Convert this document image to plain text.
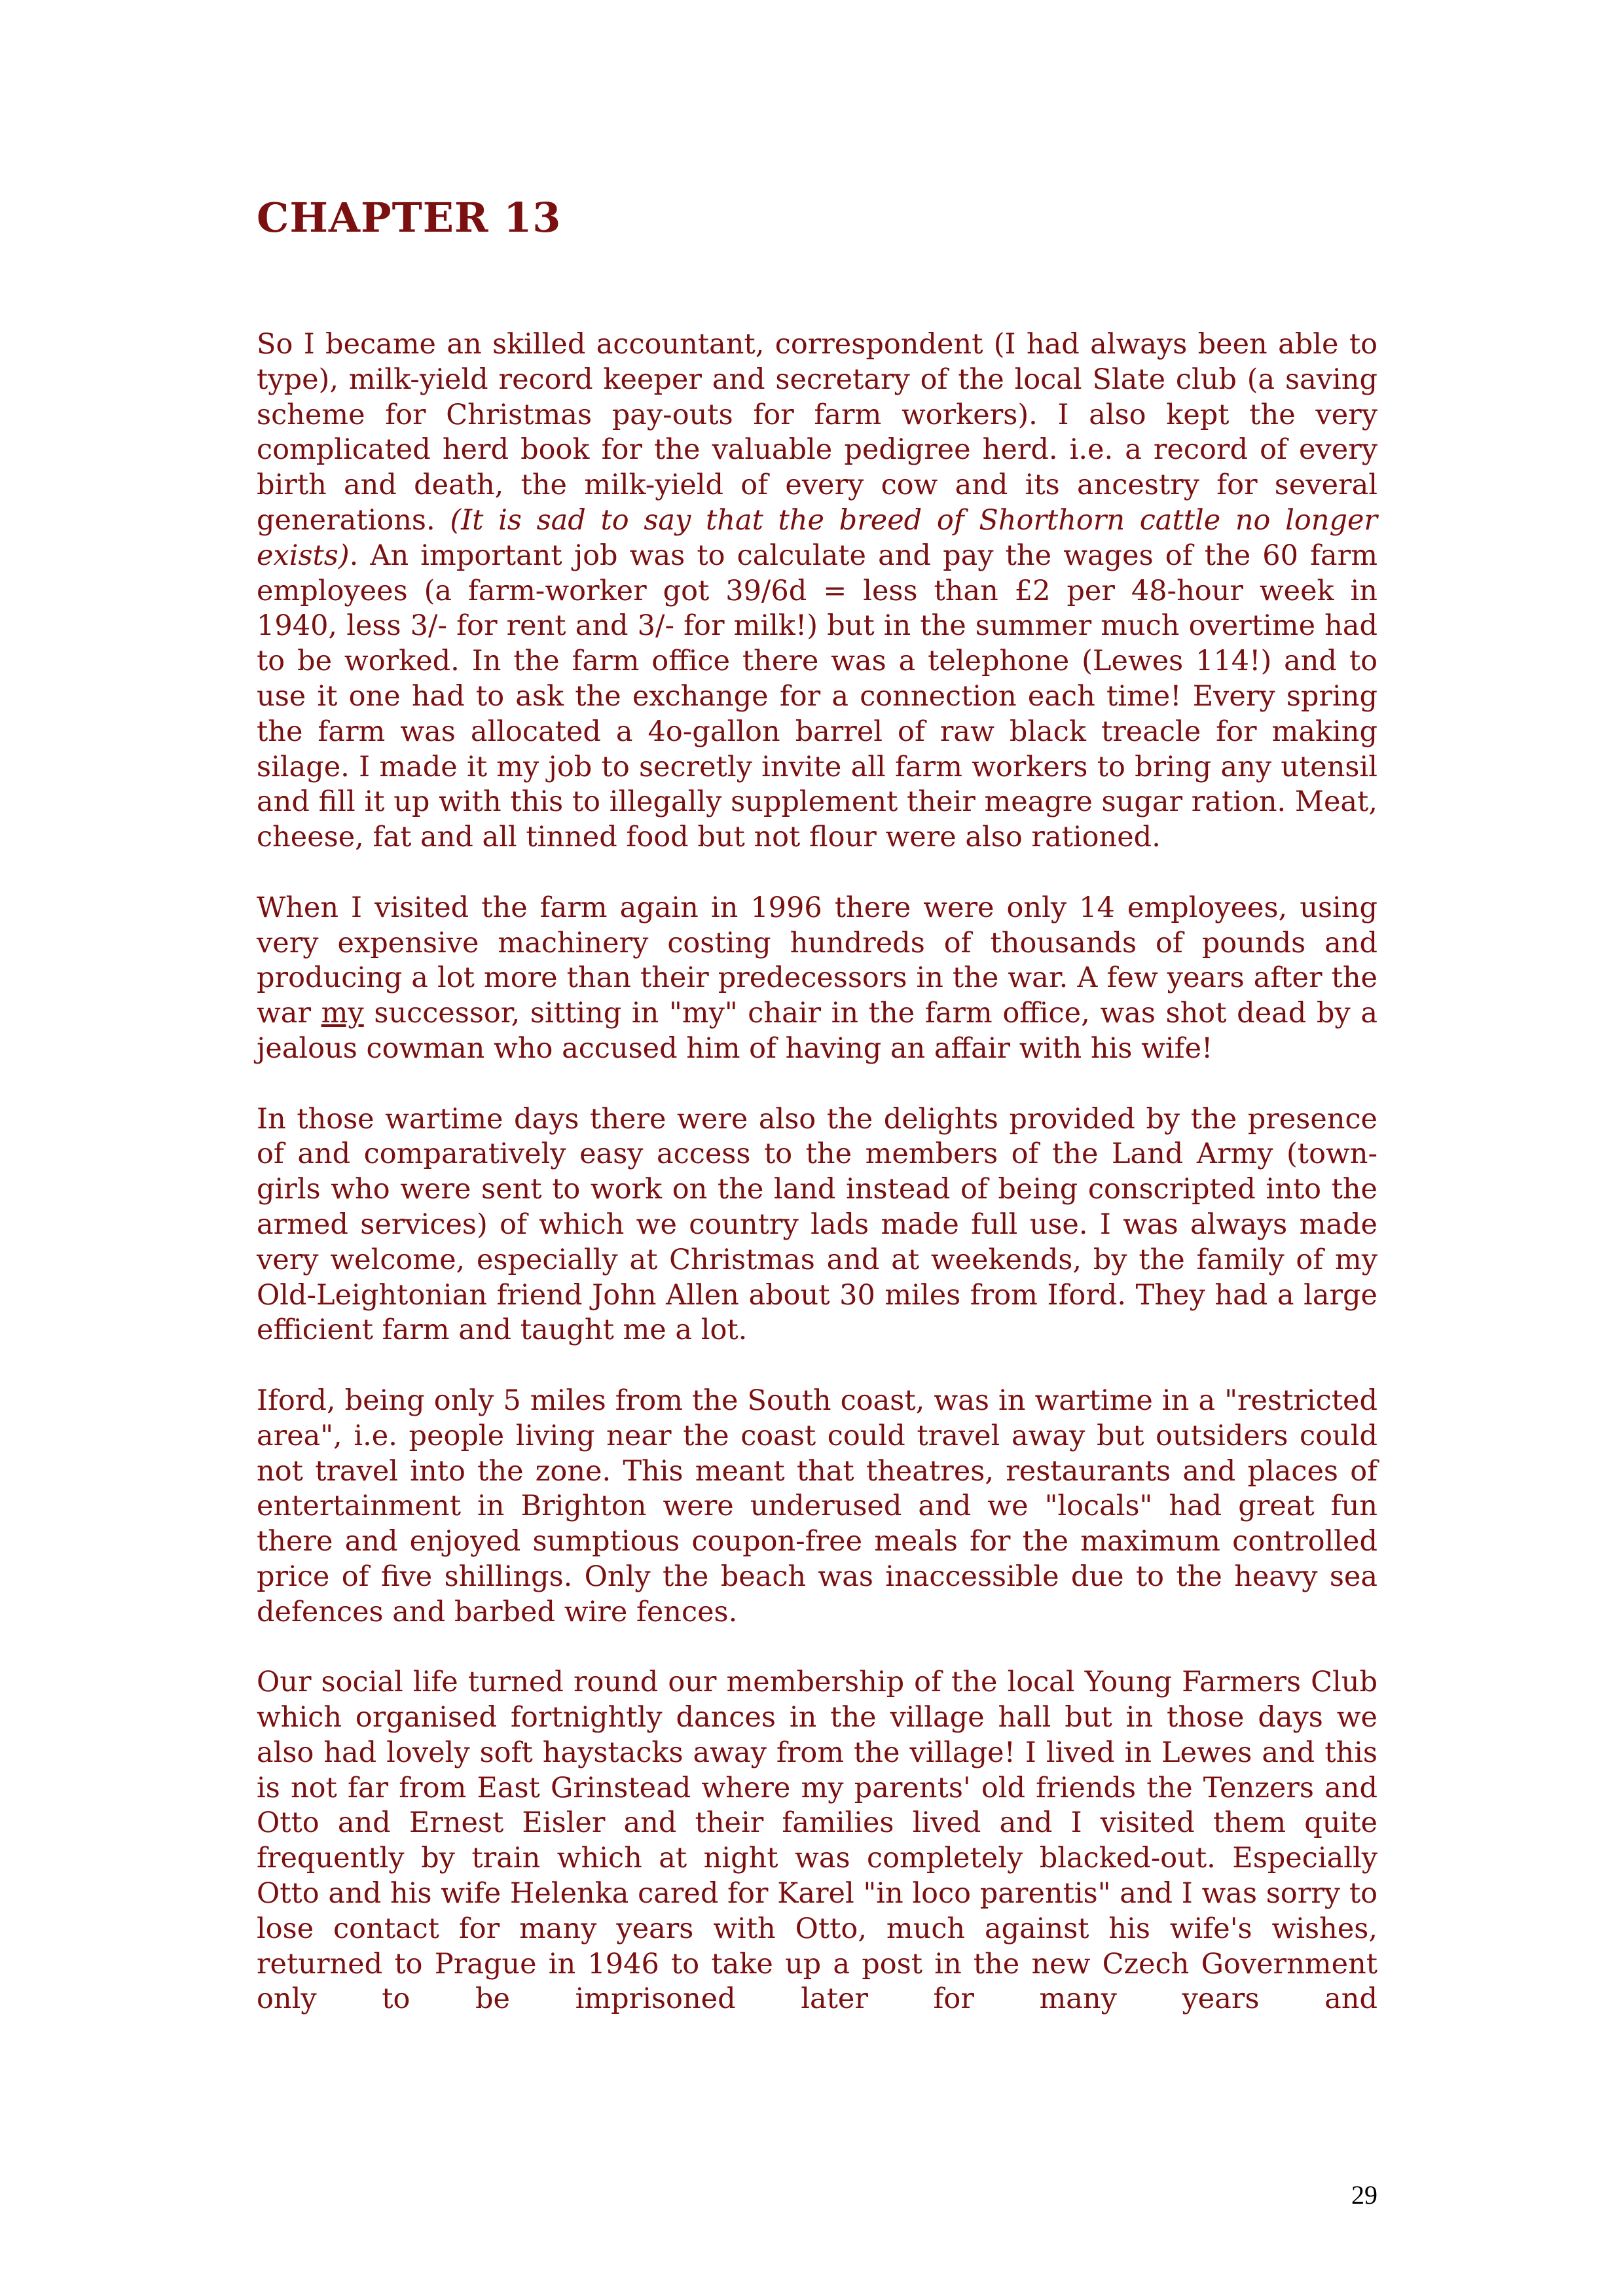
CHAPTER 13

So I became an skilled accountant, correspondent (I had always been able to type), milk-yield record keeper and secretary of the local Slate club (a saving scheme for Christmas pay-outs for farm workers). I also kept the very complicated herd book for the valuable pedigree herd. i.e. a record of every birth and death, the milk-yield of every cow and its ancestry for several generations. (It is sad to say that the breed of Shorthorn cattle no longer exists). An important job was to calculate and pay the wages of the 60 farm employees (a farm-worker got 39/6d = less than £2 per 48-hour week in 1940, less 3/- for rent and 3/- for milk!) but in the summer much overtime had to be worked. In the farm office there was a telephone (Lewes 114!) and to use it one had to ask the exchange for a connection each time! Every spring the farm was allocated a 4o-gallon barrel of raw black treacle for making silage. I made it my job to secretly invite all farm workers to bring any utensil and fill it up with this to illegally supplement their meagre sugar ration. Meat, cheese, fat and all tinned food but not flour were also rationed.

When I visited the farm again in 1996 there were only 14 employees, using very expensive machinery costing hundreds of thousands of pounds and producing a lot more than their predecessors in the war. A few years after the war my successor, sitting in "my" chair in the farm office, was shot dead by a jealous cowman who accused him of having an affair with his wife!

In those wartime days there were also the delights provided by the presence of and comparatively easy access to the members of the Land Army (town-girls who were sent to work on the land instead of being conscripted into the armed services) of which we country lads made full use. I was always made very welcome, especially at Christmas and at weekends, by the family of my Old-Leightonian friend John Allen about 30 miles from Iford. They had a large efficient farm and taught me a lot.

Iford, being only 5 miles from the South coast, was in wartime in a "restricted area", i.e. people living near the coast could travel away but outsiders could not travel into the zone. This meant that theatres, restaurants and places of entertainment in Brighton were underused and we "locals" had great fun there and enjoyed sumptious coupon-free meals for the maximum controlled price of five shillings. Only the beach was inaccessible due to the heavy sea defences and barbed wire fences.

Our social life turned round our membership of the local Young Farmers Club which organised fortnightly dances in the village hall but in those days we also had lovely soft haystacks away from the village! I lived in Lewes and this is not far from East Grinstead where my parents' old friends the Tenzers and Otto and Ernest Eisler and their families lived and I visited them quite frequently by train which at night was completely blacked-out. Especially Otto and his wife Helenka cared for Karel "in loco parentis" and I was sorry to lose contact for many years with Otto, much against his wife's wishes, returned to Prague in 1946 to take up a post in the new Czech Government only to be imprisoned later for many years and

29
